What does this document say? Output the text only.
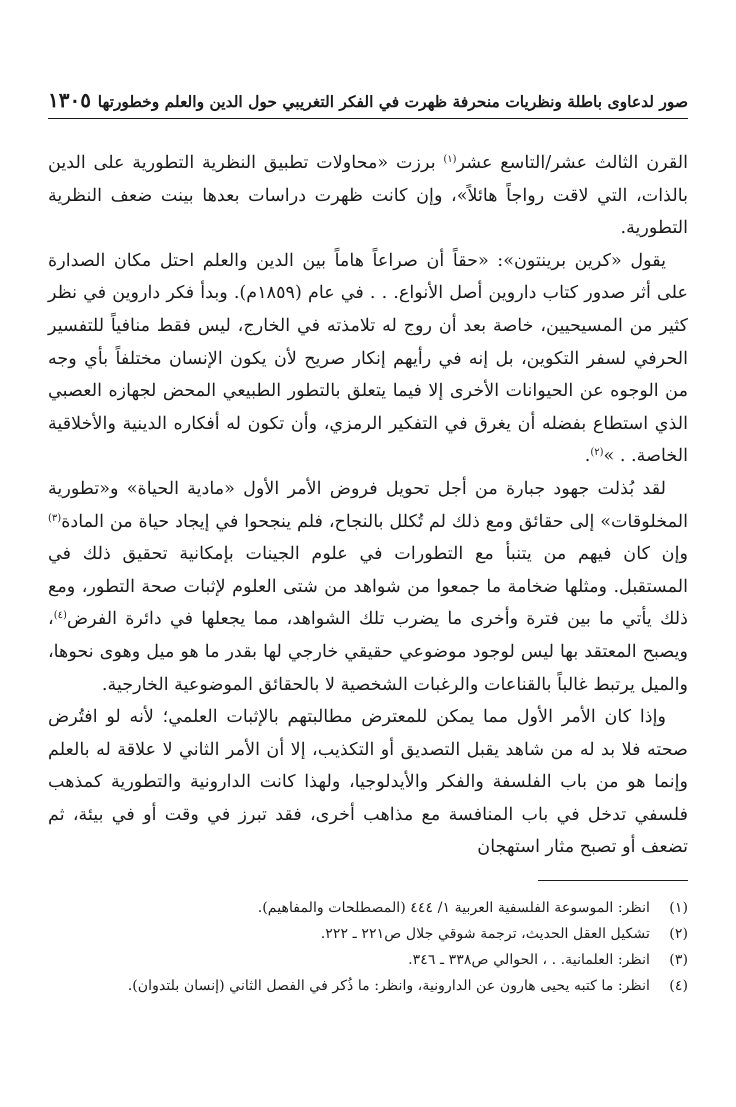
صور لدعاوى باطلة ونظريات منحرفة ظهرت في الفكر التغريبي حول الدين والعلم وخطورتها
١٣٠٥

القرن الثالث عشر/التاسع عشر$^{(١)}$ برزت «محاولات تطبيق النظرية التطورية على الدين بالذات، التي لاقت رواجاً هائلاً»، وإن كانت ظهرت دراسات بعدها بينت ضعف النظرية التطورية.

يقول «كرين برينتون»: «حقاً أن صراعاً هاماً بين الدين والعلم احتل مكان الصدارة على أثر صدور كتاب داروين أصل الأنواع. . . في عام (١٨٥٩م). وبدأ فكر داروين في نظر كثير من المسيحيين، خاصة بعد أن روج له تلامذته في الخارج، ليس فقط منافياً للتفسير الحرفي لسفر التكوين، بل إنه في رأيهم إنكار صريح لأن يكون الإنسان مختلفاً بأي وجه من الوجوه عن الحيوانات الأخرى إلا فيما يتعلق بالتطور الطبيعي المحض لجهازه العصبي الذي استطاع بفضله أن يغرق في التفكير الرمزي، وأن تكون له أفكاره الدينية والأخلاقية الخاصة. . »$^{(٢)}$.

لقد بُذلت جهود جبارة من أجل تحويل فروض الأمر الأول «مادية الحياة» و«تطورية المخلوقات» إلى حقائق ومع ذلك لم تُكلل بالنجاح، فلم ينجحوا في إيجاد حياة من المادة$^{(٣)}$ وإن كان فيهم من يتنبأ مع التطورات في علوم الجينات بإمكانية تحقيق ذلك في المستقبل. ومثلها ضخامة ما جمعوا من شواهد من شتى العلوم لإثبات صحة التطور، ومع ذلك يأتي ما بين فترة وأخرى ما يضرب تلك الشواهد، مما يجعلها في دائرة الفرض$^{(٤)}$، ويصبح المعتقد بها ليس لوجود موضوعي حقيقي خارجي لها بقدر ما هو ميل وهوى نحوها، والميل يرتبط غالباً بالقناعات والرغبات الشخصية لا بالحقائق الموضوعية الخارجية.

وإذا كان الأمر الأول مما يمكن للمعترض مطالبتهم بالإثبات العلمي؛ لأنه لو افتُرض صحته فلا بد له من شاهد يقبل التصديق أو التكذيب، إلا أن الأمر الثاني لا علاقة له بالعلم وإنما هو من باب الفلسفة والفكر والأيدلوجيا، ولهذا كانت الدارونية والتطورية كمذهب فلسفي تدخل في باب المنافسة مع مذاهب أخرى، فقد تبرز في وقت أو في بيئة، ثم تضعف أو تصبح مثار استهجان

(١)
انظر: الموسوعة الفلسفية العربية ١/ ٤٤٤ (المصطلحات والمفاهيم).
(٢)
تشكيل العقل الحديث، ترجمة شوقي جلال ص٢٢١ ـ ٢٢٢.
(٣)
انظر: العلمانية. . ، الحوالي ص٣٣٨ ـ ٣٤٦.
(٤)
انظر: ما كتبه يحيى هارون عن الدارونية، وانظر: ما ذُكر في الفصل الثاني (إنسان بلتدوان).
